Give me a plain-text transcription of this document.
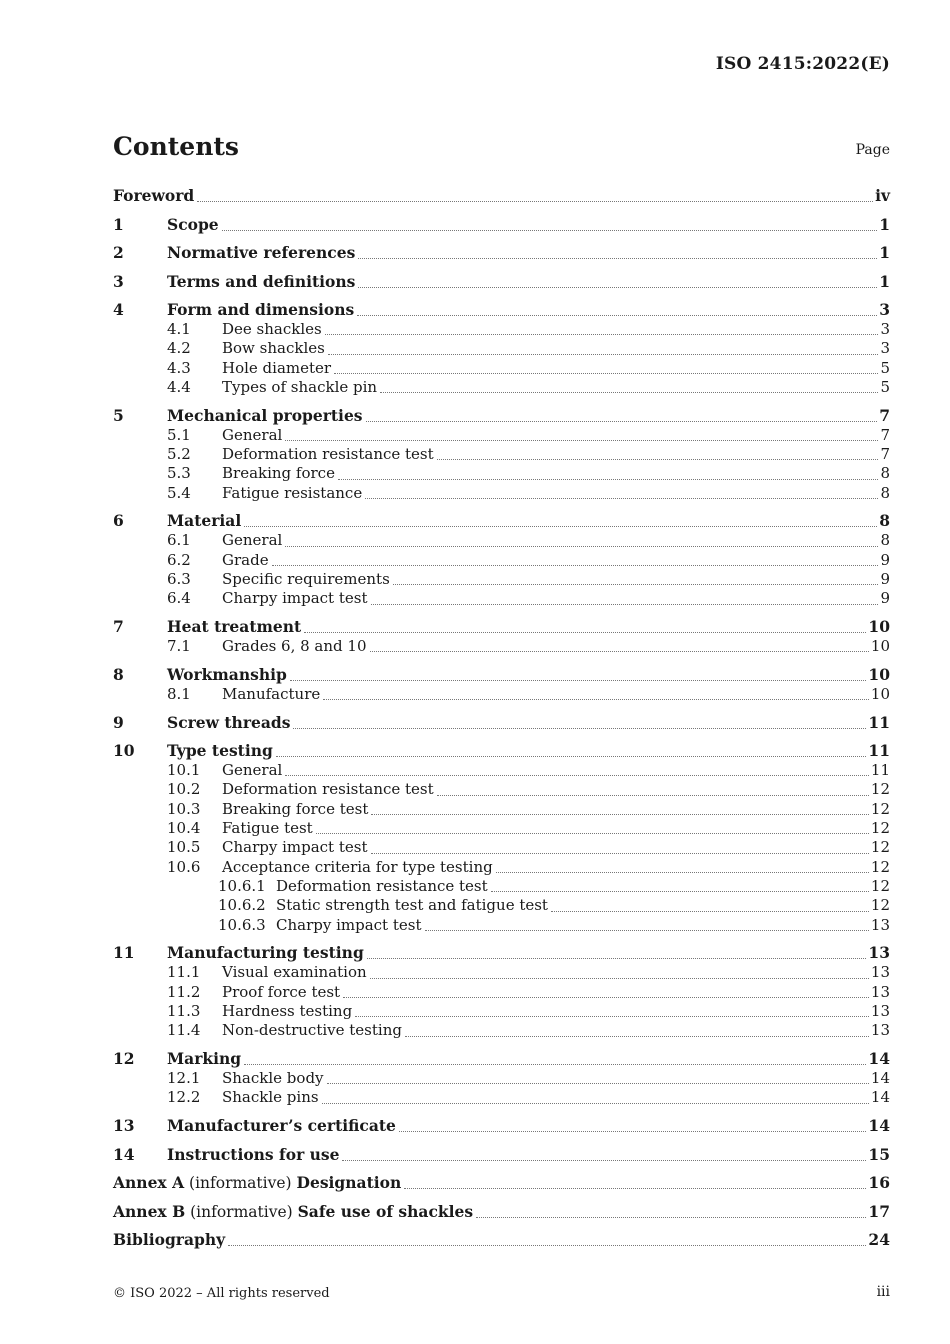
ISO 2415:2022(E)
Contents	Page
Foreword	iv
1	Scope	1
2	Normative references	1
3	Terms and definitions	1
4	Form and dimensions	3
4.1	Dee shackles	3
4.2	Bow shackles	3
4.3	Hole diameter	5
4.4	Types of shackle pin	5
5	Mechanical properties	7
5.1	General	7
5.2	Deformation resistance test	7
5.3	Breaking force	8
5.4	Fatigue resistance	8
6	Material	8
6.1	General	8
6.2	Grade	9
6.3	Specific requirements	9
6.4	Charpy impact test	9
7	Heat treatment	10
7.1	Grades 6, 8 and 10	10
8	Workmanship	10
8.1	Manufacture	10
9	Screw threads	11
10	Type testing	11
10.1	General	11
10.2	Deformation resistance test	12
10.3	Breaking force test	12
10.4	Fatigue test	12
10.5	Charpy impact test	12
10.6	Acceptance criteria for type testing	12
10.6.1 Deformation resistance test	12
10.6.2 Static strength test and fatigue test	12
10.6.3 Charpy impact test	13
11	Manufacturing testing	13
11.1	Visual examination	13
11.2	Proof force test	13
11.3	Hardness testing	13
11.4	Non-destructive testing	13
12	Marking	14
12.1	Shackle body	14
12.2	Shackle pins	14
13	Manufacturer’s certificate	14
14	Instructions for use	15
Annex A (informative) Designation	16
Annex B (informative) Safe use of shackles	17
Bibliography	24
© ISO 2022 – All rights reserved	iii
